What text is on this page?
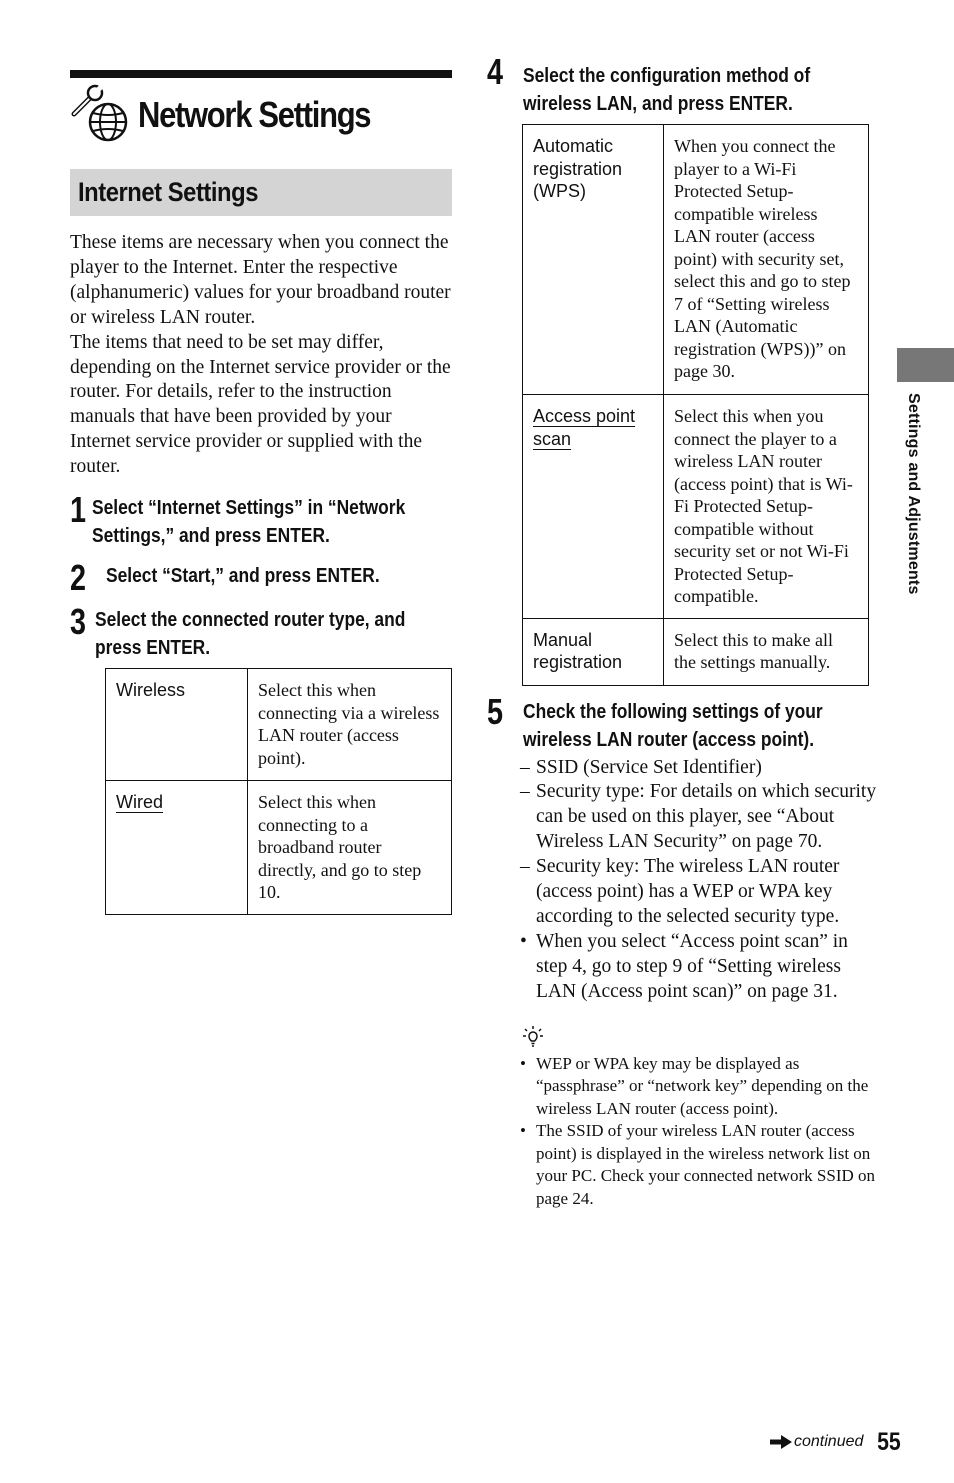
Settings and Adjustments
Network Settings
Internet Settings

These items are necessary when you connect the player to the Internet. Enter the respective (alphanumeric) values for your broadband router or wireless LAN router.

The items that need to be set may differ, depending on the Internet service provider or the router. For details, refer to the instruction manuals that have been provided by your Internet service provider or supplied with the router.

1 Select “Internet Settings” in “Network
Settings,” and press ENTER.
2 Select “Start,” and press ENTER.
3 Select the connected router type, and
press ENTER.
Wireless	Select this when connecting via a wireless LAN router (access point).
Wired	Select this when connecting to a broadband router directly, and go to step 10.
4 Select the configuration method of
wireless LAN, and press ENTER.
Automatic registration (WPS)	When you connect the player to a Wi-Fi Protected Setup-compatible wireless LAN router (access point) with security set, select this and go to step 7 of “Setting wireless LAN (Automatic registration (WPS))” on page 30.
Access point scan	Select this when you connect the player to a wireless LAN router (access point) that is Wi-Fi Protected Setup-compatible without security set or not Wi-Fi Protected Setup-compatible.
Manual registration	Select this to make all the settings manually.
5 Check the following settings of your
wireless LAN router (access point).
– SSID (Service Set Identifier)
– Security type: For details on which security can be used on this player, see “About Wireless LAN Security” on page 70.
– Security key: The wireless LAN router (access point) has a WEP or WPA key according to the selected security type.
• When you select “Access point scan” in step 4, go to step 9 of “Setting wireless LAN (Access point scan)” on page 31.
• WEP or WPA key may be displayed as “passphrase” or “network key” depending on the wireless LAN router (access point).
• The SSID of your wireless LAN router (access point) is displayed in the wireless network list on your PC. Check your connected network SSID on page 24.
continued 55
